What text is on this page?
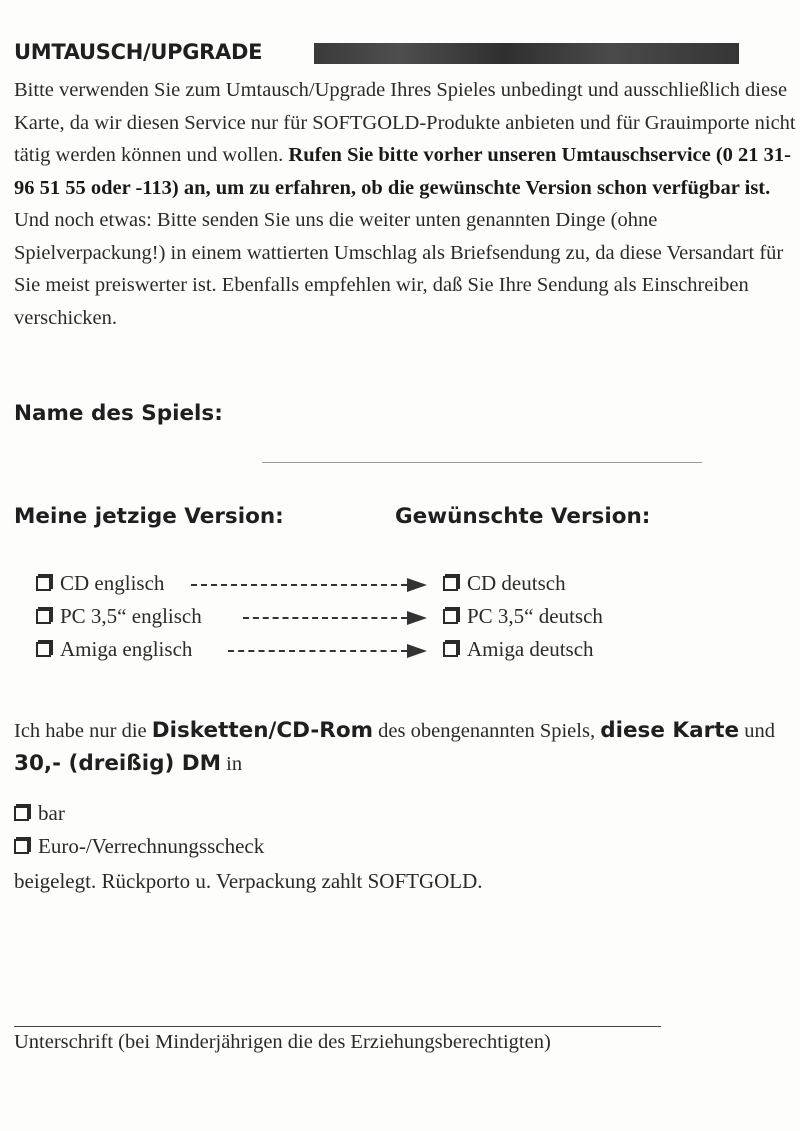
UMTAUSCH/UPGRADE
Bitte verwenden Sie zum Umtausch/Upgrade Ihres Spieles unbedingt und ausschließlich diese Karte, da wir diesen Service nur für SOFTGOLD-Produkte anbieten und für Grauimporte nicht tätig werden können und wollen. Rufen Sie bitte vorher unseren Umtauschservice (0 21 31-96 51 55 oder -113) an, um zu erfahren, ob die gewünschte Version schon verfügbar ist. Und noch etwas: Bitte senden Sie uns die weiter unten genannten Dinge (ohne Spielverpackung!) in einem wattierten Umschlag als Briefsendung zu, da diese Versandart für Sie meist preiswerter ist. Ebenfalls empfehlen wir, daß Sie Ihre Sendung als Einschreiben verschicken.
Name des Spiels:
Meine jetzige Version:	Gewünschte Version:
CD englisch	CD deutsch
PC 3,5“ englisch	PC 3,5“ deutsch
Amiga englisch	Amiga deutsch
Ich habe nur die Disketten/CD-Rom des obengenannten Spiels, diese Karte und 30,- (dreißig) DM in
bar
Euro-/Verrechnungsscheck
beigelegt. Rückporto u. Verpackung zahlt SOFTGOLD.
Unterschrift (bei Minderjährigen die des Erziehungsberechtigten)
